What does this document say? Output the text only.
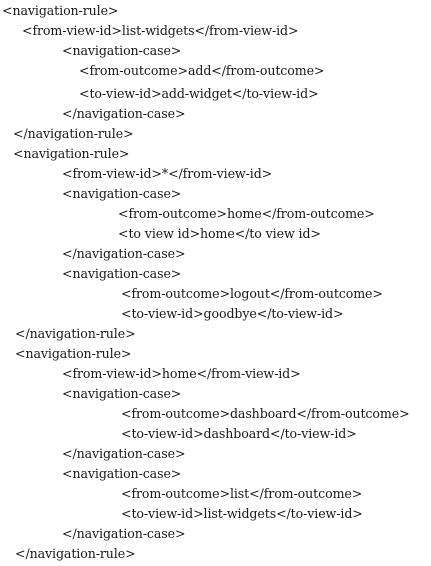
<navigation-rule>
<from-view-id>list-widgets</from-view-id>
<navigation-case>
<from-outcome>add</from-outcome>
<to-view-id>add-widget</to-view-id>
</navigation-case>
</navigation-rule>
<navigation-rule>
<from-view-id>*</from-view-id>
<navigation-case>
<from-outcome>home</from-outcome>
<to view id>home</to view id>
</navigation-case>
<navigation-case>
<from-outcome>logout</from-outcome>
<to-view-id>goodbye</to-view-id>
</navigation-rule>
<navigation-rule>
<from-view-id>home</from-view-id>
<navigation-case>
<from-outcome>dashboard</from-outcome>
<to-view-id>dashboard</to-view-id>
</navigation-case>
<navigation-case>
<from-outcome>list</from-outcome>
<to-view-id>list-widgets</to-view-id>
</navigation-case>
</navigation-rule>
